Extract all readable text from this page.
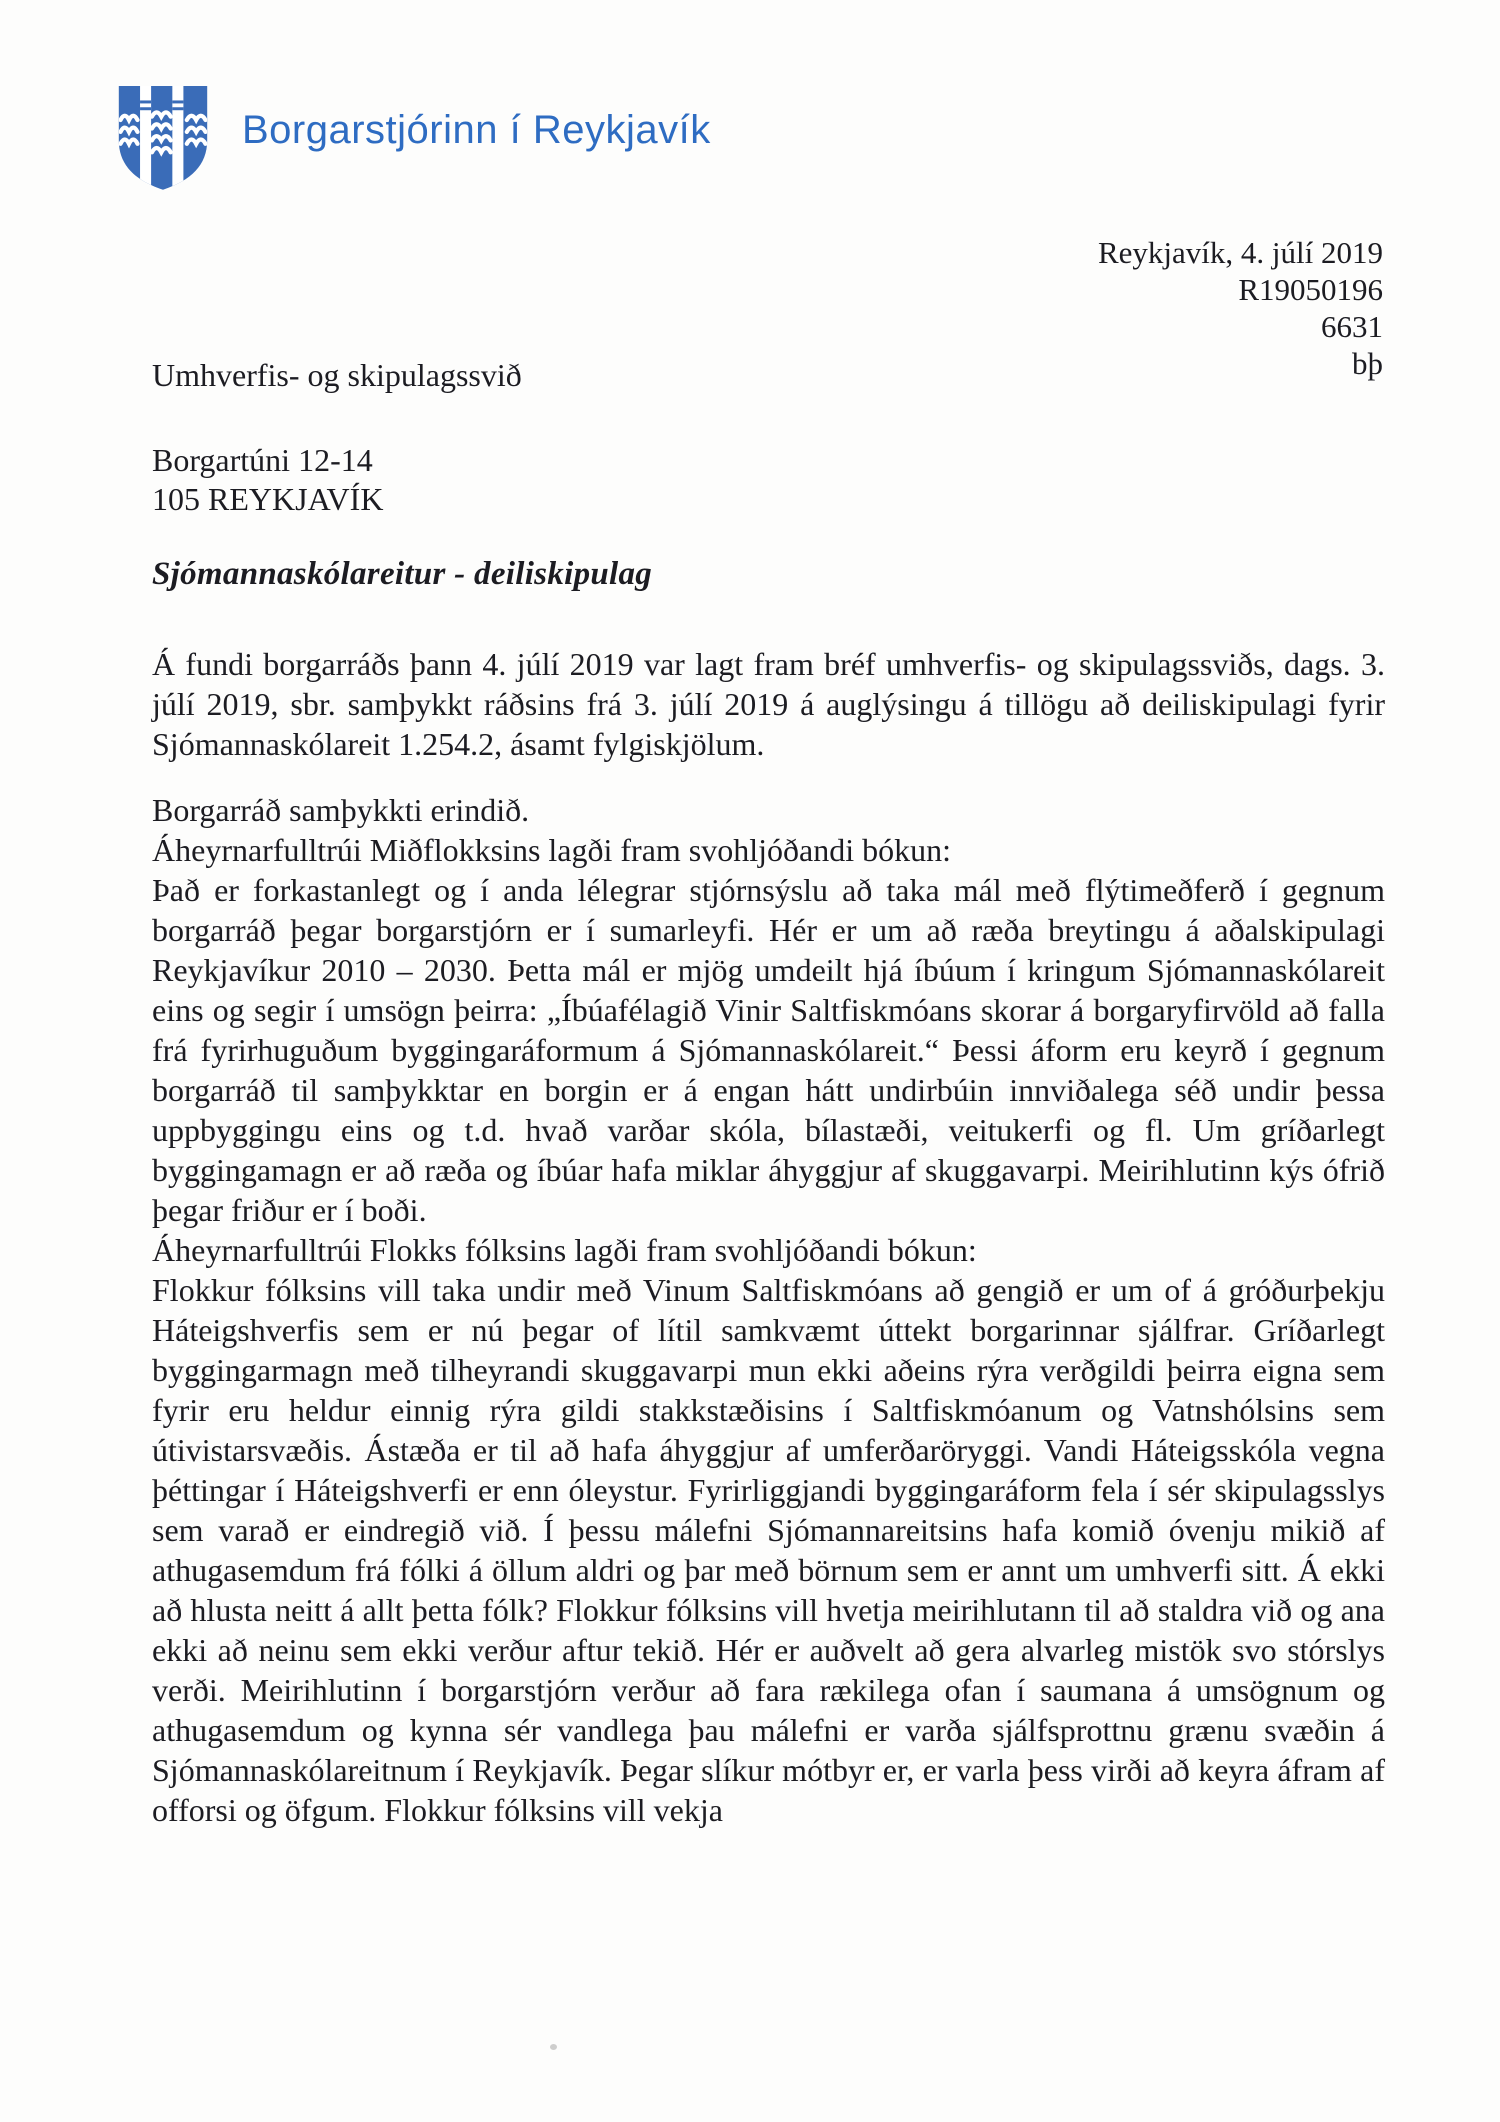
Borgarstjórinn í Reykjavík
Reykjavík, 4. júlí 2019
R19050196
6631
bþ
Umhverfis- og skipulagssvið
Borgartúni 12-14
105 REYKJAVÍK
Sjómannaskólareitur - deiliskipulag

Á fundi borgarráðs þann 4. júlí 2019 var lagt fram bréf umhverfis- og skipulagssviðs, dags. 3. júlí 2019, sbr. samþykkt ráðsins frá 3. júlí 2019 á auglýsingu á tillögu að deiliskipulagi fyrir Sjómannaskólareit 1.254.2, ásamt fylgiskjölum.

Borgarráð samþykkti erindið.
Áheyrnarfulltrúi Miðflokksins lagði fram svohljóðandi bókun:

Það er forkastanlegt og í anda lélegrar stjórnsýslu að taka mál með flýtimeðferð í gegnum borgarráð þegar borgarstjórn er í sumarleyfi. Hér er um að ræða breytingu á aðalskipulagi Reykjavíkur 2010 – 2030. Þetta mál er mjög umdeilt hjá íbúum í kringum Sjómannaskólareit eins og segir í umsögn þeirra: „Íbúafélagið Vinir Saltfiskmóans skorar á borgaryfirvöld að falla frá fyrirhuguðum byggingaráformum á Sjómannaskólareit.“ Þessi áform eru keyrð í gegnum borgarráð til samþykktar en borgin er á engan hátt undirbúin innviðalega séð undir þessa uppbyggingu eins og t.d. hvað varðar skóla, bílastæði, veitukerfi og fl. Um gríðarlegt byggingamagn er að ræða og íbúar hafa miklar áhyggjur af skuggavarpi. Meirihlutinn kýs ófrið þegar friður er í boði.

Áheyrnarfulltrúi Flokks fólksins lagði fram svohljóðandi bókun:

Flokkur fólksins vill taka undir með Vinum Saltfiskmóans að gengið er um of á gróðurþekju Háteigshverfis sem er nú þegar of lítil samkvæmt úttekt borgarinnar sjálfrar. Gríðarlegt byggingarmagn með tilheyrandi skuggavarpi mun ekki aðeins rýra verðgildi þeirra eigna sem fyrir eru heldur einnig rýra gildi stakkstæðisins í Saltfiskmóanum og Vatnshólsins sem útivistarsvæðis. Ástæða er til að hafa áhyggjur af umferðaröryggi. Vandi Háteigsskóla vegna þéttingar í Háteigshverfi er enn óleystur. Fyrirliggjandi byggingaráform fela í sér skipulagsslys sem varað er eindregið við. Í þessu málefni Sjómannareitsins hafa komið óvenju mikið af athugasemdum frá fólki á öllum aldri og þar með börnum sem er annt um umhverfi sitt. Á ekki að hlusta neitt á allt þetta fólk? Flokkur fólksins vill hvetja meirihlutann til að staldra við og ana ekki að neinu sem ekki verður aftur tekið. Hér er auðvelt að gera alvarleg mistök svo stórslys verði. Meirihlutinn í borgarstjórn verður að fara rækilega ofan í saumana á umsögnum og athugasemdum og kynna sér vandlega þau málefni er varða sjálfsprottnu grænu svæðin á Sjómannaskólareitnum í Reykjavík. Þegar slíkur mótbyr er, er varla þess virði að keyra áfram af offorsi og öfgum. Flokkur fólksins vill vekja
